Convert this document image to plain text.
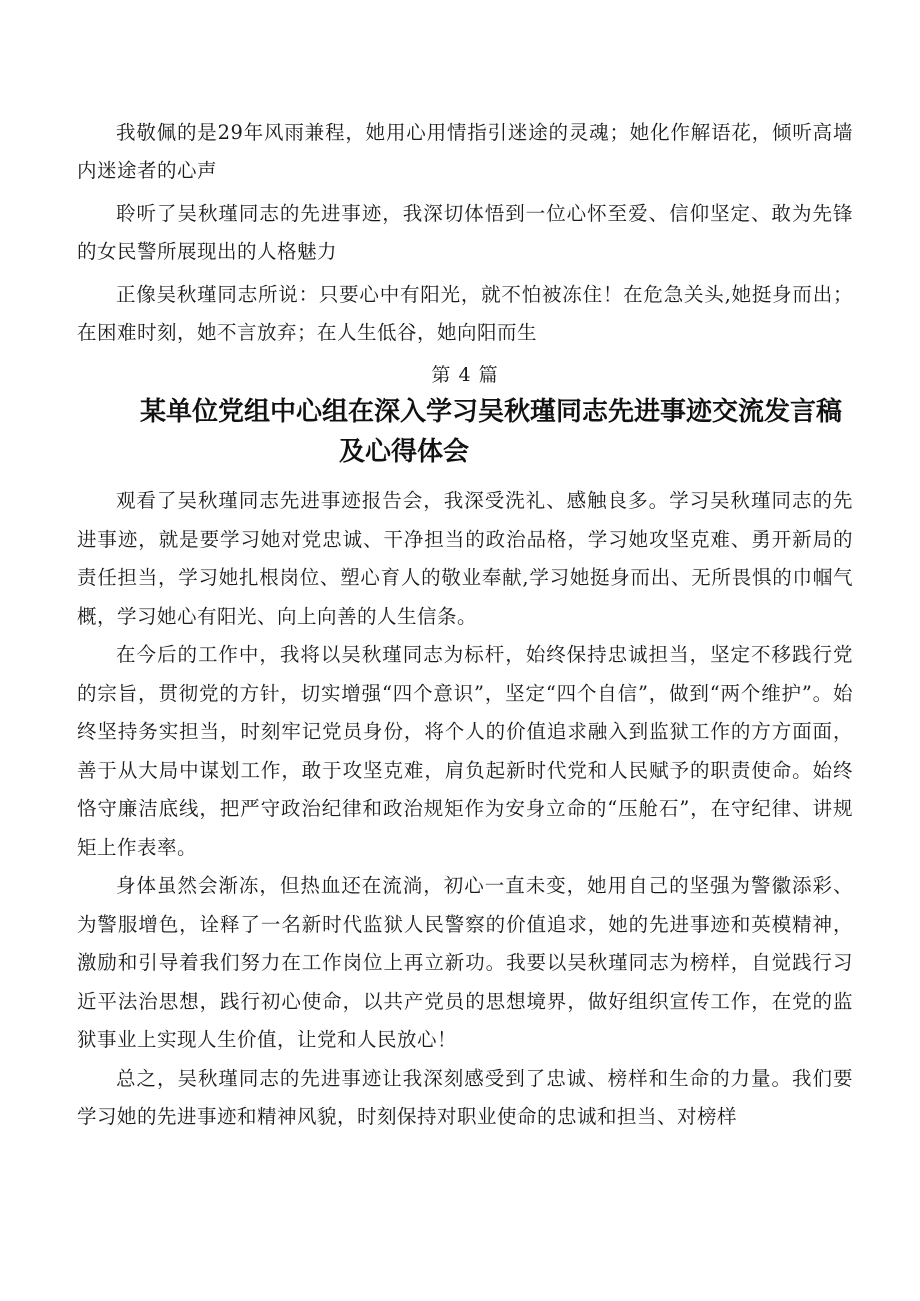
我敬佩的是29年风雨兼程，她用心用情指引迷途的灵魂；她化作解语花，倾听高墙内迷途者的心声

聆听了吴秋瑾同志的先进事迹，我深切体悟到一位心怀至爱、信仰坚定、敢为先锋的女民警所展现出的人格魅力

正像吴秋瑾同志所说：只要心中有阳光，就不怕被冻住！在危急关头,她挺身而出；在困难时刻，她不言放弃；在人生低谷，她向阳而生

第 4 篇

某单位党组中心组在深入学习吴秋瑾同志先进事迹交流发言稿
及心得体会

观看了吴秋瑾同志先进事迹报告会，我深受洗礼、感触良多。学习吴秋瑾同志的先进事迹，就是要学习她对党忠诚、干净担当的政治品格，学习她攻坚克难、勇开新局的责任担当，学习她扎根岗位、塑心育人的敬业奉献,学习她挺身而出、无所畏惧的巾帼气概，学习她心有阳光、向上向善的人生信条。

在今后的工作中，我将以吴秋瑾同志为标杆，始终保持忠诚担当，坚定不移践行党的宗旨，贯彻党的方针，切实增强“四个意识”，坚定“四个自信”，做到“两个维护”。始终坚持务实担当，时刻牢记党员身份，将个人的价值追求融入到监狱工作的方方面面，善于从大局中谋划工作，敢于攻坚克难，肩负起新时代党和人民赋予的职责使命。始终恪守廉洁底线，把严守政治纪律和政治规矩作为安身立命的“压舱石”，在守纪律、讲规矩上作表率。

身体虽然会渐冻，但热血还在流淌，初心一直未变，她用自己的坚强为警徽添彩、为警服增色，诠释了一名新时代监狱人民警察的价值追求，她的先进事迹和英模精神，激励和引导着我们努力在工作岗位上再立新功。我要以吴秋瑾同志为榜样，自觉践行习近平法治思想，践行初心使命，以共产党员的思想境界，做好组织宣传工作，在党的监狱事业上实现人生价值，让党和人民放心！

总之，吴秋瑾同志的先进事迹让我深刻感受到了忠诚、榜样和生命的力量。我们要学习她的先进事迹和精神风貌，时刻保持对职业使命的忠诚和担当、对榜样
